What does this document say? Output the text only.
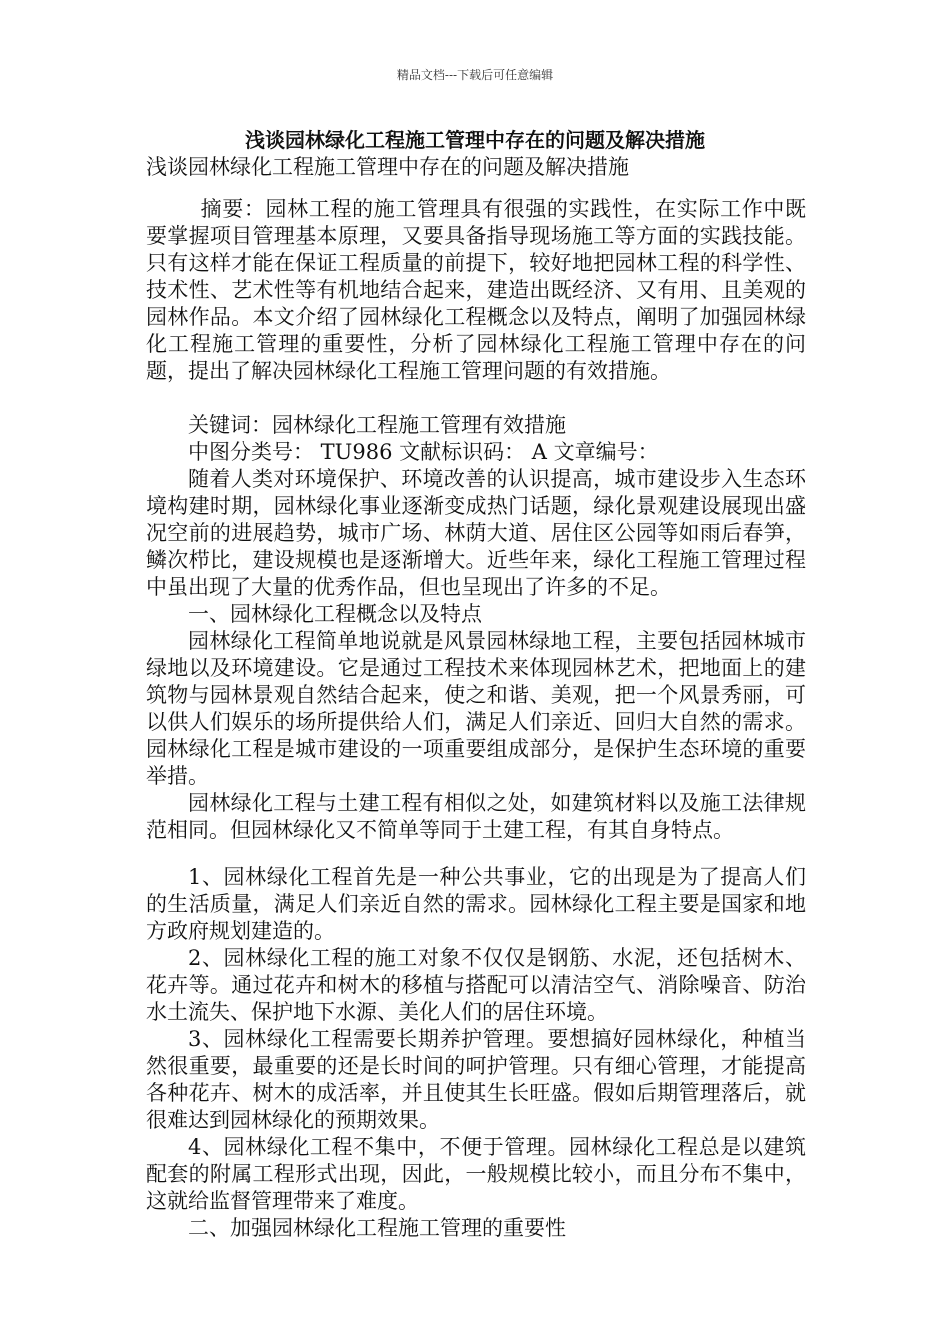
精品文档---下载后可任意编辑
浅谈园林绿化工程施工管理中存在的问题及解决措施
浅谈园林绿化工程施工管理中存在的问题及解决措施

摘要：园林工程的施工管理具有很强的实践性，在实际工作中既要掌握项目管理基本原理，又要具备指导现场施工等方面的实践技能。只有这样才能在保证工程质量的前提下，较好地把园林工程的科学性、技术性、艺术性等有机地结合起来，建造出既经济、又有用、且美观的园林作品。本文介绍了园林绿化工程概念以及特点，阐明了加强园林绿化工程施工管理的重要性，分析了园林绿化工程施工管理中存在的问题，提出了解决园林绿化工程施工管理问题的有效措施。

关键词：园林绿化工程施工管理有效措施

中图分类号： TU986 文献标识码： A 文章编号：

随着人类对环境保护、环境改善的认识提高，城市建设步入生态环境构建时期，园林绿化事业逐渐变成热门话题，绿化景观建设展现出盛况空前的进展趋势，城市广场、林荫大道、居住区公园等如雨后春笋，鳞次栉比，建设规模也是逐渐增大。近些年来，绿化工程施工管理过程中虽出现了大量的优秀作品，但也呈现出了许多的不足。

一、园林绿化工程概念以及特点

园林绿化工程简单地说就是风景园林绿地工程，主要包括园林城市绿地以及环境建设。它是通过工程技术来体现园林艺术，把地面上的建筑物与园林景观自然结合起来，使之和谐、美观，把一个风景秀丽，可以供人们娱乐的场所提供给人们，满足人们亲近、回归大自然的需求。园林绿化工程是城市建设的一项重要组成部分，是保护生态环境的重要举措。

园林绿化工程与土建工程有相似之处，如建筑材料以及施工法律规范相同。但园林绿化又不简单等同于土建工程，有其自身特点。

1、园林绿化工程首先是一种公共事业，它的出现是为了提高人们的生活质量，满足人们亲近自然的需求。园林绿化工程主要是国家和地方政府规划建造的。

2、园林绿化工程的施工对象不仅仅是钢筋、水泥，还包括树木、花卉等。通过花卉和树木的移植与搭配可以清洁空气、消除噪音、防治水土流失、保护地下水源、美化人们的居住环境。

3、园林绿化工程需要长期养护管理。要想搞好园林绿化，种植当然很重要，最重要的还是长时间的呵护管理。只有细心管理，才能提高各种花卉、树木的成活率，并且使其生长旺盛。假如后期管理落后，就很难达到园林绿化的预期效果。

4、园林绿化工程不集中，不便于管理。园林绿化工程总是以建筑配套的附属工程形式出现，因此，一般规模比较小，而且分布不集中，这就给监督管理带来了难度。

二、加强园林绿化工程施工管理的重要性
